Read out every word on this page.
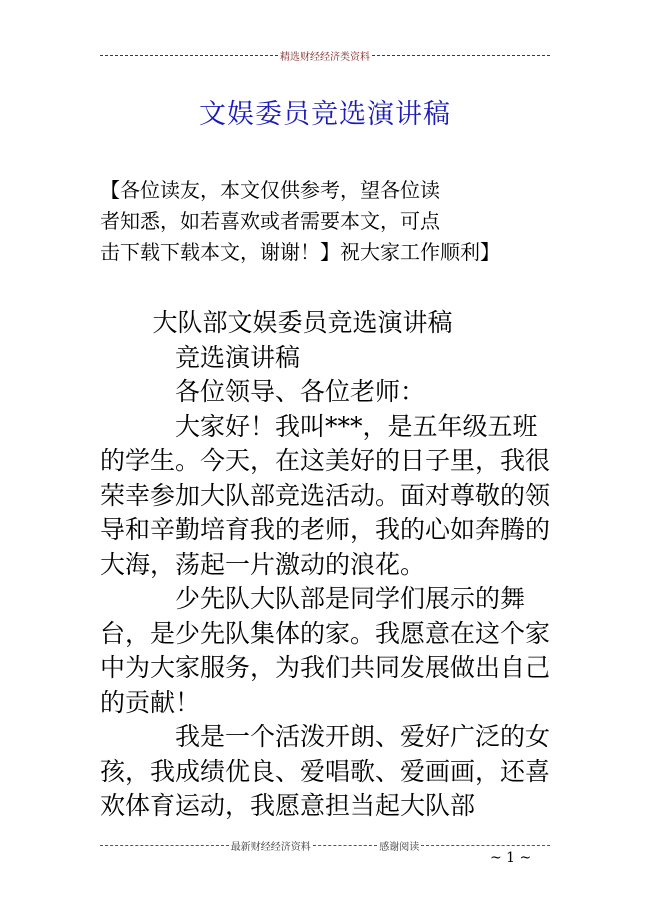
精选财经经济类资料
文娱委员竞选演讲稿
【各位读友，本文仅供参考，望各位读
者知悉，如若喜欢或者需要本文，可点
击下载下载本文，谢谢！】祝大家工作顺利】

大队部文娱委员竞选演讲稿

竞选演讲稿

各位领导、各位老师：

大家好！我叫***，是五年级五班的学生。今天，在这美好的日子里，我很荣幸参加大队部竞选活动。面对尊敬的领导和辛勤培育我的老师，我的心如奔腾的大海，荡起一片激动的浪花。

少先队大队部是同学们展示的舞台，是少先队集体的家。我愿意在这个家中为大家服务，为我们共同发展做出自己的贡献！

我是一个活泼开朗、爱好广泛的女孩，我成绩优良、爱唱歌、爱画画，还喜欢体育运动，我愿意担当起大队部

最新财经经济资料	感谢阅读
~ 1 ~
